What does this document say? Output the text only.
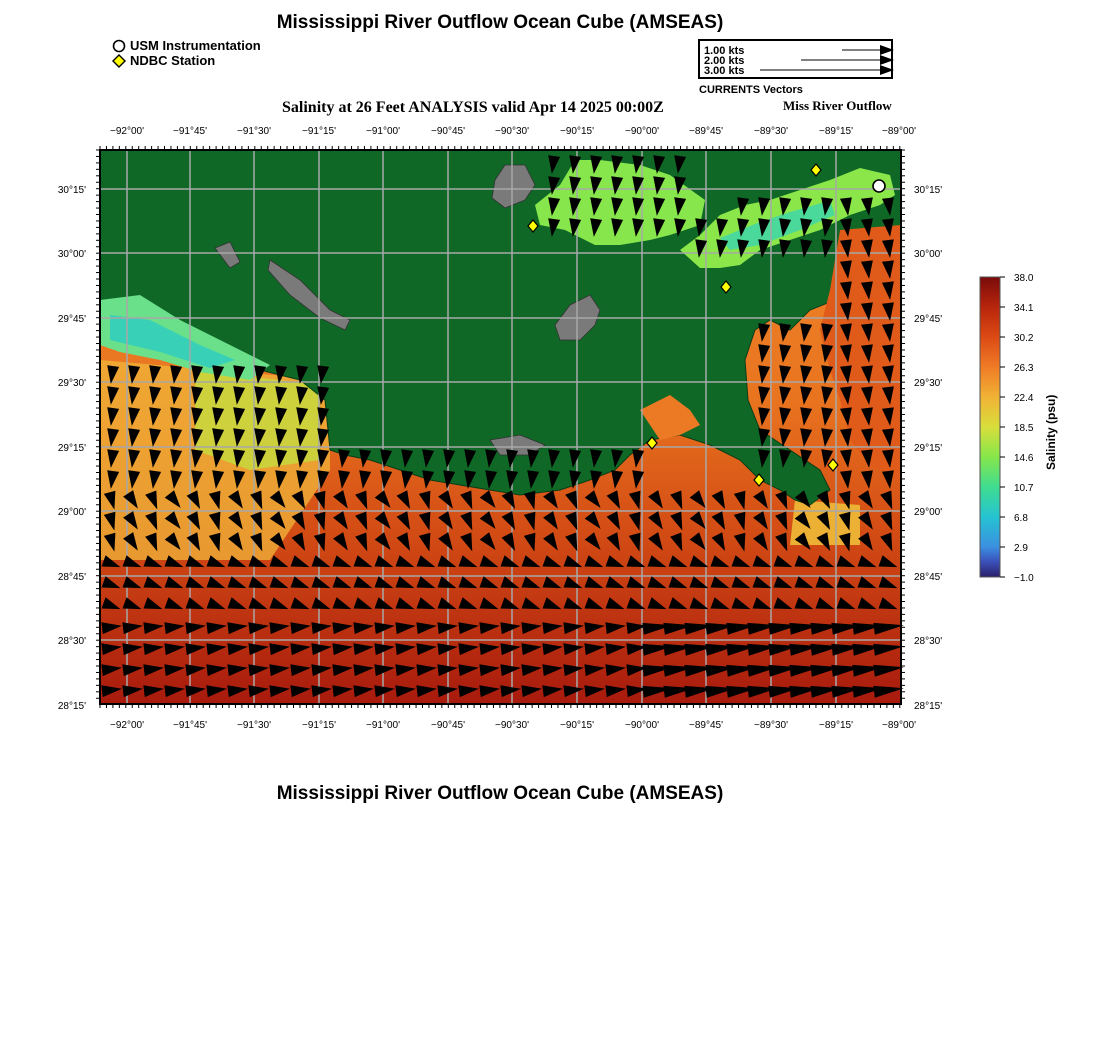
Mississippi River Outflow Ocean Cube (AMSEAS)
USM Instrumentation
NDBC Station
1.00 kts
2.00 kts
3.00 kts
CURRENTS Vectors
Salinity at 26 Feet ANALYSIS valid Apr 14 2025 00:00Z	Miss River Outflow
−92°00'	−91°45'	−91°30'	−91°15'	−91°00'	−90°45'	−90°30'	−90°15'	−90°00'	−89°45'	−89°30'	−89°15'	−89°00'
−92°00'	−91°45'	−91°30'	−91°15'	−91°00'	−90°45'	−90°30'	−90°15'	−90°00'	−89°45'	−89°30'	−89°15'	−89°00'
30°15'
30°00'
29°45'
29°30'
29°15'
29°00'
28°45'
28°30'
28°15'
30°15'
30°00'
29°45'
29°30'
29°15'
29°00'
28°45'
28°30'
28°15'
38.0
34.1
30.2
26.3
22.4
18.5
14.6
10.7
6.8
2.9
−1.0
Salinity (psu)
Mississippi River Outflow Ocean Cube (AMSEAS)
